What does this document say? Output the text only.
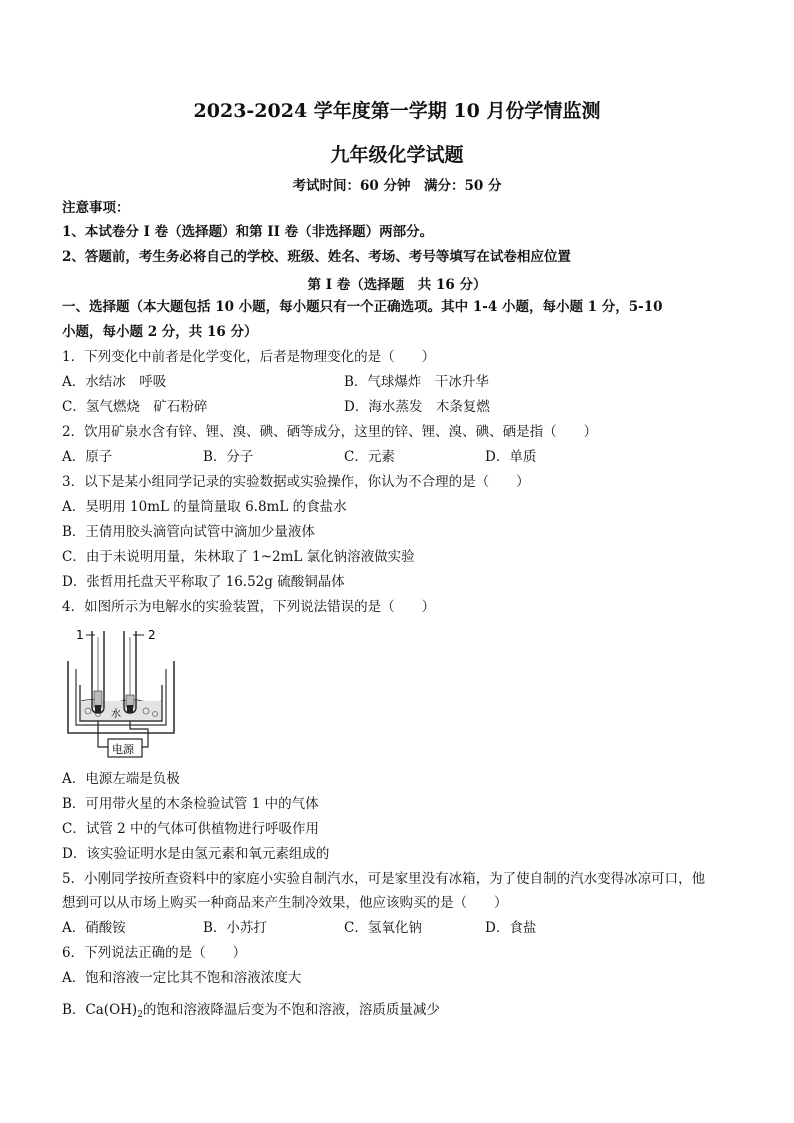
2023-2024 学年度第一学期 10 月份学情监测
九年级化学试题
考试时间：60 分钟　满分：50 分
注意事项：
1、本试卷分 I 卷（选择题）和第 II 卷（非选择题）两部分。
2、答题前，考生务必将自己的学校、班级、姓名、考场、考号等填写在试卷相应位置
第 I 卷（选择题　共 16 分）
一、选择题（本大题包括 10 小题，每小题只有一个正确选项。其中 1-4 小题，每小题 1 分，5-10
小题，每小题 2 分，共 16 分）
1．下列变化中前者是化学变化，后者是物理变化的是（　　）
A．水结冰　呼吸	B．气球爆炸　干冰升华
C．氢气燃烧　矿石粉碎	D．海水蒸发　木条复燃
2．饮用矿泉水含有锌、锂、溴、碘、硒等成分，这里的锌、锂、溴、碘、硒是指（　　）
A．原子	B．分子	C．元素	D．单质
3．以下是某小组同学记录的实验数据或实验操作，你认为不合理的是（　　）
A．昊明用 10mL 的量筒量取 6.8mL 的食盐水
B．王倩用胶头滴管向试管中滴加少量液体
C．由于未说明用量，朱林取了 1~2mL 氯化钠溶液做实验
D．张哲用托盘天平称取了 16.52g 硫酸铜晶体
4．如图所示为电解水的实验装置，下列说法错误的是（　　）
1	2
水
电源
A．电源左端是负极
B．可用带火星的木条检验试管 1 中的气体
C．试管 2 中的气体可供植物进行呼吸作用
D．该实验证明水是由氢元素和氧元素组成的
5．小刚同学按所查资料中的家庭小实验自制汽水，可是家里没有冰箱，为了使自制的汽水变得冰凉可口，他
想到可以从市场上购买一种商品来产生制冷效果，他应该购买的是（　　）
A．硝酸铵	B．小苏打	C．氢氧化钠	D．食盐
6．下列说法正确的是（　　）
A．饱和溶液一定比其不饱和溶液浓度大
B．$Ca(OH)_2$的饱和溶液降温后变为不饱和溶液，溶质质量减少
